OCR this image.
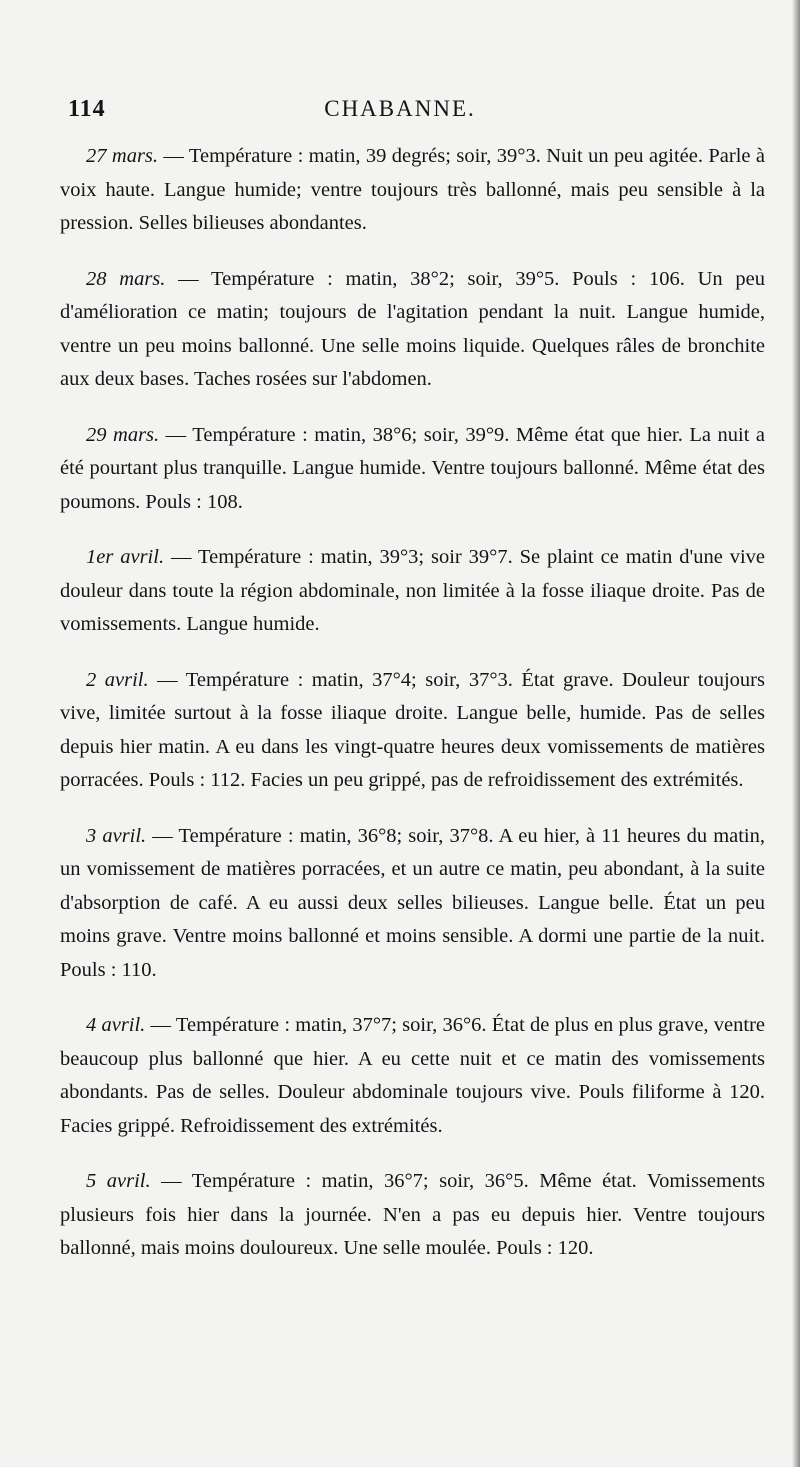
114	CHABANNE.

27 mars. — Température : matin, 39 degrés; soir, 39°3. Nuit un peu agitée. Parle à voix haute. Langue humide; ventre toujours très ballonné, mais peu sensible à la pression. Selles bilieuses abondantes.

28 mars. — Température : matin, 38°2; soir, 39°5. Pouls : 106. Un peu d'amélioration ce matin; toujours de l'agitation pendant la nuit. Langue humide, ventre un peu moins ballonné. Une selle moins liquide. Quelques râles de bronchite aux deux bases. Taches rosées sur l'abdomen.

29 mars. — Température : matin, 38°6; soir, 39°9. Même état que hier. La nuit a été pourtant plus tranquille. Langue humide. Ventre toujours ballonné. Même état des poumons. Pouls : 108.

1er avril. — Température : matin, 39°3; soir 39°7. Se plaint ce matin d'une vive douleur dans toute la région abdominale, non limitée à la fosse iliaque droite. Pas de vomissements. Langue humide.

2 avril. — Température : matin, 37°4; soir, 37°3. État grave. Douleur toujours vive, limitée surtout à la fosse iliaque droite. Langue belle, humide. Pas de selles depuis hier matin. A eu dans les vingt-quatre heures deux vomissements de matières porracées. Pouls : 112. Facies un peu grippé, pas de refroidissement des extrémités.

3 avril. — Température : matin, 36°8; soir, 37°8. A eu hier, à 11 heures du matin, un vomissement de matières porracées, et un autre ce matin, peu abondant, à la suite d'absorption de café. A eu aussi deux selles bilieuses. Langue belle. État un peu moins grave. Ventre moins ballonné et moins sensible. A dormi une partie de la nuit. Pouls : 110.

4 avril. — Température : matin, 37°7; soir, 36°6. État de plus en plus grave, ventre beaucoup plus ballonné que hier. A eu cette nuit et ce matin des vomissements abondants. Pas de selles. Douleur abdominale toujours vive. Pouls filiforme à 120. Facies grippé. Refroidissement des extrémités.

5 avril. — Température : matin, 36°7; soir, 36°5. Même état. Vomissements plusieurs fois hier dans la journée. N'en a pas eu depuis hier. Ventre toujours ballonné, mais moins douloureux. Une selle moulée. Pouls : 120.
